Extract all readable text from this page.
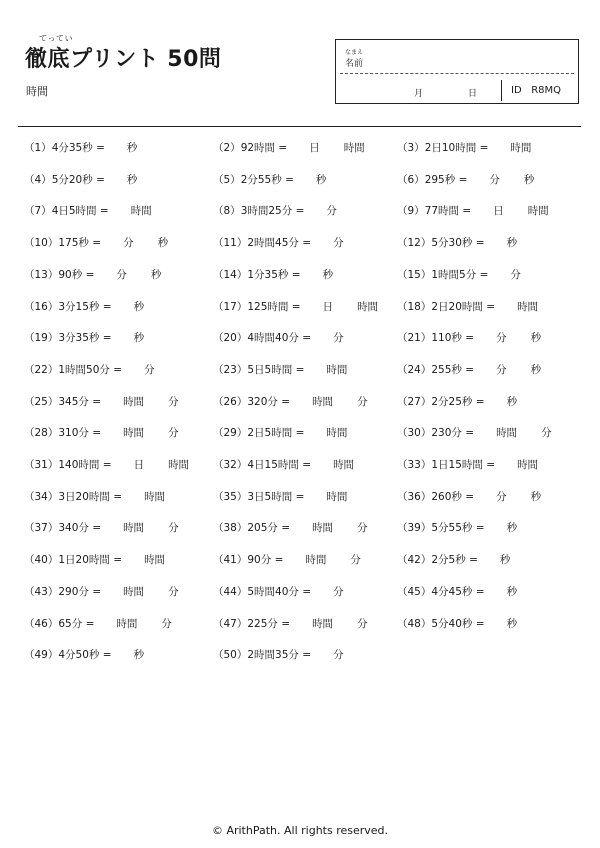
てってい
徹底プリント 50問
時間
なまえ
名前
月	日	ID R8MQ
（1）4分35秒 = 秒	（2）92時間 = 日 時間	（3）2日10時間 = 時間
（4）5分20秒 = 秒	（5）2分55秒 = 秒	（6）295秒 = 分 秒
（7）4日5時間 = 時間	（8）3時間25分 = 分	（9）77時間 = 日 時間
（10）175秒 = 分 秒	（11）2時間45分 = 分	（12）5分30秒 = 秒
（13）90秒 = 分 秒	（14）1分35秒 = 秒	（15）1時間5分 = 分
（16）3分15秒 = 秒	（17）125時間 = 日 時間 （18）2日20時間 = 時間
（19）3分35秒 = 秒	（20）4時間40分 = 分	（21）110秒 = 分 秒
（22）1時間50分 = 分	（23）5日5時間 = 時間	（24）255秒 = 分 秒
（25）345分 = 時間 分	（26）320分 = 時間 分	（27）2分25秒 = 秒
（28）310分 = 時間 分	（29）2日5時間 = 時間	（30）230分 = 時間 分
（31）140時間 = 日 時間 （32）4日15時間 = 時間	（33）1日15時間 = 時間
（34）3日20時間 = 時間	（35）3日5時間 = 時間	（36）260秒 = 分 秒
（37）340分 = 時間 分	（38）205分 = 時間 分	（39）5分55秒 = 秒
（40）1日20時間 = 時間	（41）90分 = 時間 分	（42）2分5秒 = 秒
（43）290分 = 時間 分	（44）5時間40分 = 分	（45）4分45秒 = 秒
（46）65分 = 時間 分	（47）225分 = 時間 分	（48）5分40秒 = 秒
（49）4分50秒 = 秒	（50）2時間35分 = 分
© ArithPath. All rights reserved.
